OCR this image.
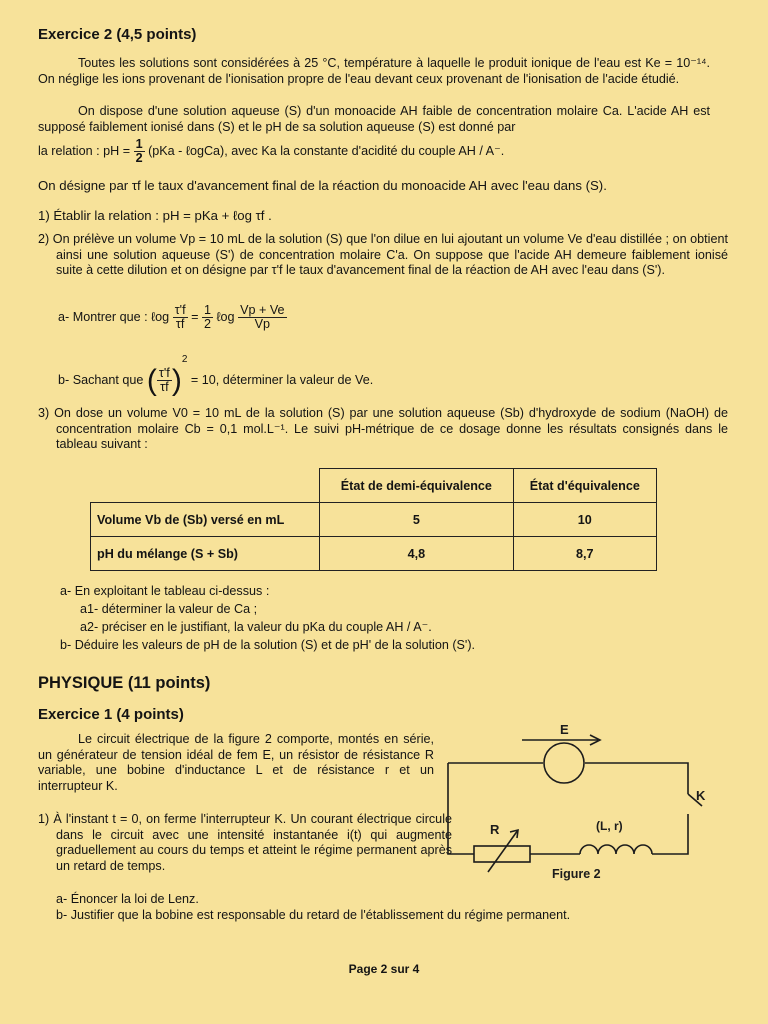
Exercice 2 (4,5 points)

Toutes les solutions sont considérées à 25 °C, température à laquelle le produit ionique de l'eau est Ke = 10⁻¹⁴. On néglige les ions provenant de l'ionisation propre de l'eau devant ceux provenant de l'ionisation de l'acide étudié.

On dispose d'une solution aqueuse (S) d'un monoacide AH faible de concentration molaire Ca. L'acide AH est supposé faiblement ionisé dans (S) et le pH de sa solution aqueuse (S) est donné par

la relation : pH = $\frac{1}{2} (pKa$ - ℓogCa), avec Ka la constante d'acidité du couple AH / A⁻.

On désigne par τf le taux d'avancement final de la réaction du monoacide AH avec l'eau dans (S).

1) Établir la relation : pH = pKa + ℓog τf .

2) On prélève un volume Vp = 10 mL de la solution (S) que l'on dilue en lui ajoutant un volume Ve d'eau distillée ; on obtient ainsi une solution aqueuse (S') de concentration molaire C'a. On suppose que l'acide AH demeure faiblement ionisé suite à cette dilution et on désigne par τ'f le taux d'avancement final de la réaction de AH avec l'eau dans (S').

a- Montrer que : ℓog $\frac{\tau'f}{\tau f} = \frac{1}{2}$ ℓog $\frac{Vp + Ve}{Vp}$
b- Sachant que ( $\frac{\tau'f}{\tau f} )^2 = 10$, déterminer la valeur de Ve.

3) On dose un volume V0 = 10 mL de la solution (S) par une solution aqueuse (Sb) d'hydroxyde de sodium (NaOH) de concentration molaire Cb = 0,1 mol.L⁻¹. Le suivi pH-métrique de ce dosage donne les résultats consignés dans le tableau suivant :

	État de demi-équivalence	État d'équivalence
Volume Vb de (Sb) versé en mL	5	10
pH du mélange (S + Sb)	4,8	8,7

a- En exploitant le tableau ci-dessus :

a1- déterminer la valeur de Ca ;

a2- préciser en le justifiant, la valeur du pKa du couple AH / A⁻.

b- Déduire les valeurs de pH de la solution (S) et de pH' de la solution (S').

PHYSIQUE (11 points)
Exercice 1 (4 points)

Le circuit électrique de la figure 2 comporte, montés en série, un générateur de tension idéal de fem E, un résistor de résistance R variable, une bobine d'inductance L et de résistance r et un interrupteur K.

1) À l'instant t = 0, on ferme l'interrupteur K. Un courant électrique circule dans le circuit avec une intensité instantanée i(t) qui augmente graduellement au cours du temps et atteint le régime permanent après un retard de temps.

a- Énoncer la loi de Lenz.

b- Justifier que la bobine est responsable du retard de l'établissement du régime permanent.

E
K
R	(L, r)
Figure 2
Page 2 sur 4
